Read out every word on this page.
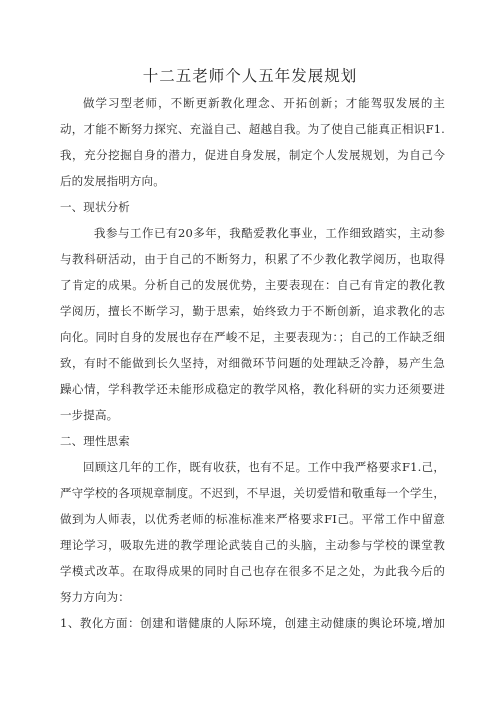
十二五老师个人五年发展规划
做学习型老师，不断更新教化理念、开拓创新；才能驾驭发展的主
动，才能不断努力探究、充溢自己、超越自我。为了使自己能真正相识F1.
我，充分挖掘自身的潜力，促进自身发展，制定个人发展规划，为自己今
后的发展指明方向。
一、现状分析
我参与工作已有20多年，我酷爱教化事业，工作细致踏实，主动参
与教科研活动，由于自己的不断努力，积累了不少教化教学阅历，也取得
了肯定的成果。分析自己的发展优势，主要表现在：自己有肯定的教化教
学阅历，擅长不断学习，勤于思索，始终致力于不断创新，追求教化的志
向化。同时自身的发展也存在严峻不足，主要表现为：；自己的工作缺乏细
致，有时不能做到长久坚持，对细微环节问题的处理缺乏冷静，易产生急
躁心情，学科教学还未能形成稳定的教学风格，教化科研的实力还须要进
一步提高。
二、理性思索
回顾这几年的工作，既有收获，也有不足。工作中我严格要求F1.己，
严守学校的各项规章制度。不迟到，不早退，关切爱惜和敬重每一个学生，
做到为人师表，以优秀老师的标准标准来严格要求FI己。平常工作中留意
理论学习，吸取先进的教学理论武装自己的头脑，主动参与学校的课堂教
学模式改革。在取得成果的同时自己也存在很多不足之处，为此我今后的
努力方向为：
1、教化方面：创建和谐健康的人际环境，创建主动健康的舆论环境,增加
